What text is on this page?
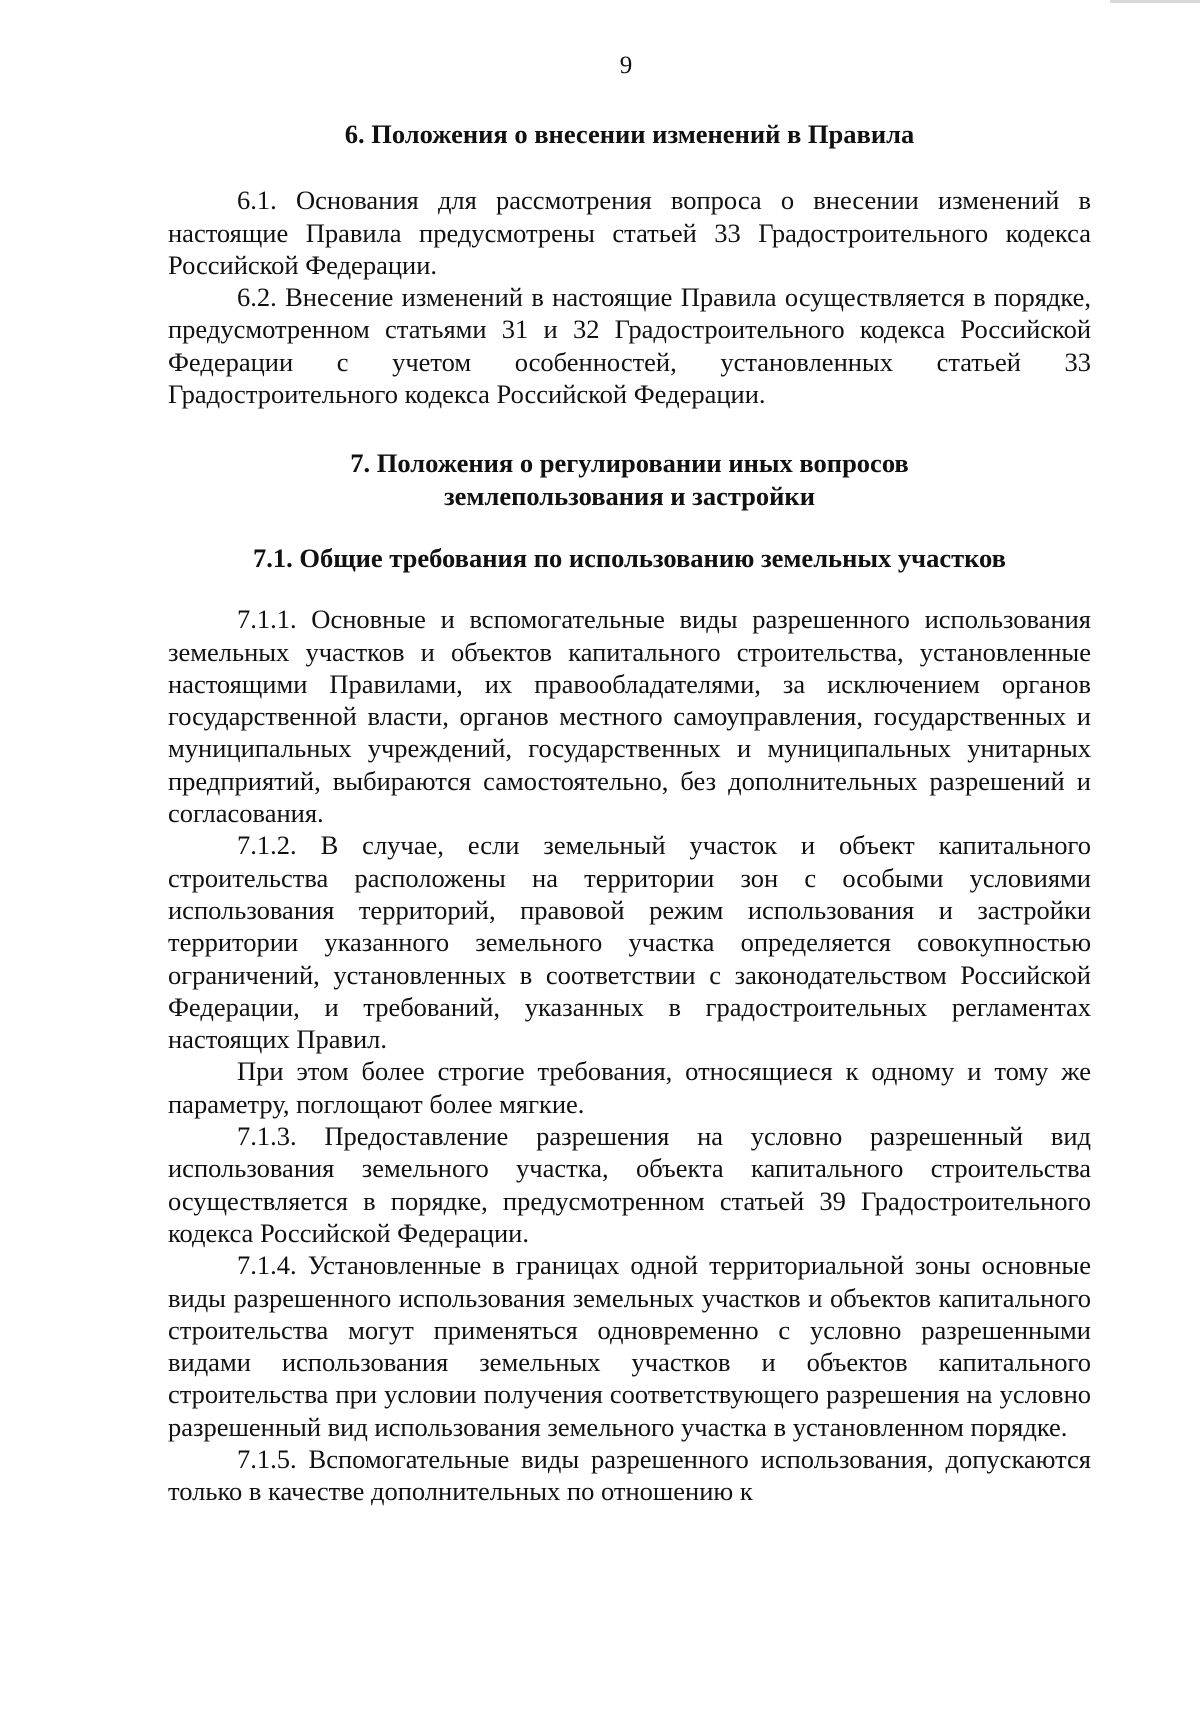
9

6. Положения о внесении изменений в Правила

6.1. Основания для рассмотрения вопроса о внесении изменений в настоящие Правила предусмотрены статьей 33 Градостроительного кодекса Российской Федерации.

6.2. Внесение изменений в настоящие Правила осуществляется в порядке, предусмотренном статьями 31 и 32 Градостроительного кодекса Российской Федерации с учетом особенностей, установленных статьей 33 Градостроительного кодекса Российской Федерации.

7. Положения о регулировании иных вопросов
землепользования и застройки

7.1. Общие требования по использованию земельных участков

7.1.1. Основные и вспомогательные виды разрешенного использования земельных участков и объектов капитального строительства, установленные настоящими Правилами, их правообладателями, за исключением органов государственной власти, органов местного самоуправления, государственных и муниципальных учреждений, государственных и муниципальных унитарных предприятий, выбираются самостоятельно, без дополнительных разрешений и согласования.

7.1.2. В случае, если земельный участок и объект капитального строительства расположены на территории зон с особыми условиями использования территорий, правовой режим использования и застройки территории указанного земельного участка определяется совокупностью ограничений, установленных в соответствии с законодательством Российской Федерации, и требований, указанных в градостроительных регламентах настоящих Правил.

При этом более строгие требования, относящиеся к одному и тому же параметру, поглощают более мягкие.

7.1.3. Предоставление разрешения на условно разрешенный вид использования земельного участка, объекта капитального строительства осуществляется в порядке, предусмотренном статьей 39 Градостроительного кодекса Российской Федерации.

7.1.4. Установленные в границах одной территориальной зоны основные виды разрешенного использования земельных участков и объектов капитального строительства могут применяться одновременно с условно разрешенными видами использования земельных участков и объектов капитального строительства при условии получения соответствующего разрешения на условно разрешенный вид использования земельного участка в установленном порядке.

7.1.5. Вспомогательные виды разрешенного использования, допускаются только в качестве дополнительных по отношению к
